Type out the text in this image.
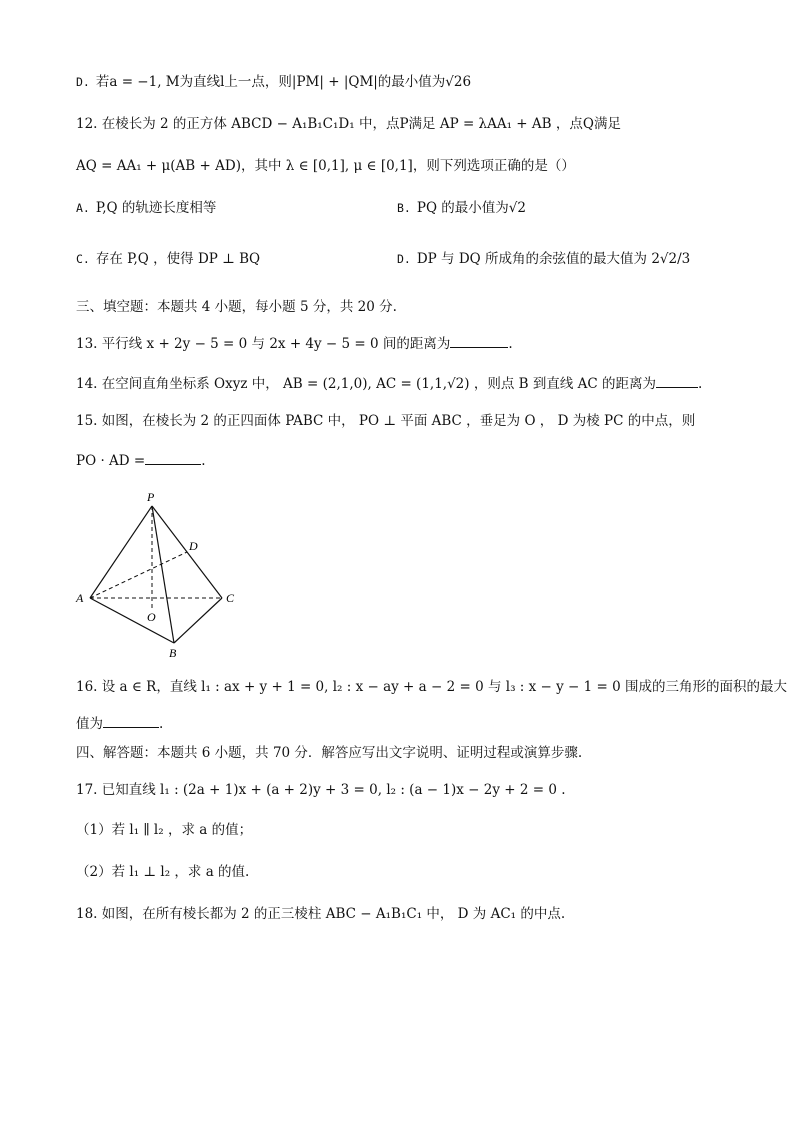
D. 若a = −1, M为直线l上一点，则|PM| + |QM|的最小值为√26
12. 在棱长为 2 的正方体 ABCD − A₁B₁C₁D₁ 中，点P满足 AP = λAA₁ + AB ，点Q满足
AQ = AA₁ + μ(AB + AD)，其中 λ ∈ [0,1], μ ∈ [0,1]，则下列选项正确的是（）
A. P,Q 的轨迹长度相等	B. PQ 的最小值为√2
C. 存在 P,Q ，使得 DP ⊥ BQ	D. DP 与 DQ 所成角的余弦值的最大值为 2√2/3
三、填空题：本题共 4 小题，每小题 5 分，共 20 分.
13. 平行线 x + 2y − 5 = 0 与 2x + 4y − 5 = 0 间的距离为	.
14. 在空间直角坐标系 Oxyz 中， AB = (2,1,0), AC = (1,1,√2) ，则点 B 到直线 AC 的距离为	.
15. 如图，在棱长为 2 的正四面体 PABC 中， PO ⊥ 平面 ABC ，垂足为 O ， D 为棱 PC 的中点，则
PO · AD =	.
P
A	C
B
D
O
16. 设 a ∈ R，直线 l₁ : ax + y + 1 = 0, l₂ : x − ay + a − 2 = 0 与 l₃ : x − y − 1 = 0 围成的三角形的面积的最大
值为	.
四、解答题：本题共 6 小题，共 70 分．解答应写出文字说明、证明过程或演算步骤.
17. 已知直线 l₁ : (2a + 1)x + (a + 2)y + 3 = 0, l₂ : (a − 1)x − 2y + 2 = 0 .
（1）若 l₁ ∥ l₂ ，求 a 的值；
（2）若 l₁ ⊥ l₂ ，求 a 的值.
18. 如图，在所有棱长都为 2 的正三棱柱 ABC − A₁B₁C₁ 中， D 为 AC₁ 的中点.
